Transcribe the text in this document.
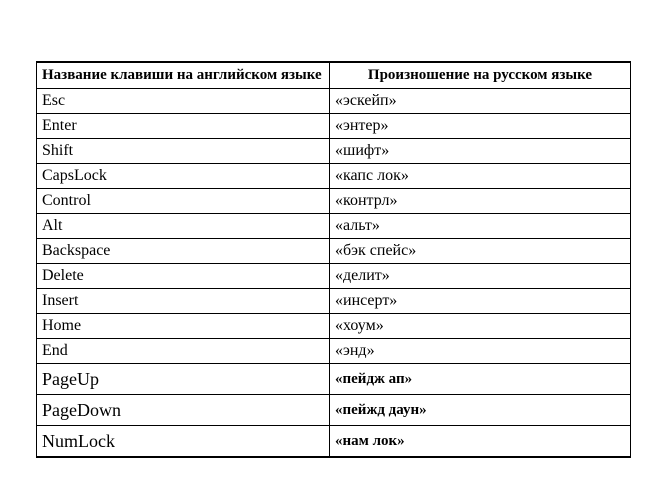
Название клавиши на английском языке	Произношение на русском языке
Esc	«эскейп»
Enter	«энтер»
Shift	«шифт»
CapsLock	«капс лок»
Control	«контрл»
Alt	«альт»
Backspace	«бэк спейс»
Delete	«делит»
Insert	«инсерт»
Home	«хоум»
End	«энд»
PageUp	«пейдж ап»
PageDown	«пейжд даун»
NumLock	«нам лок»
